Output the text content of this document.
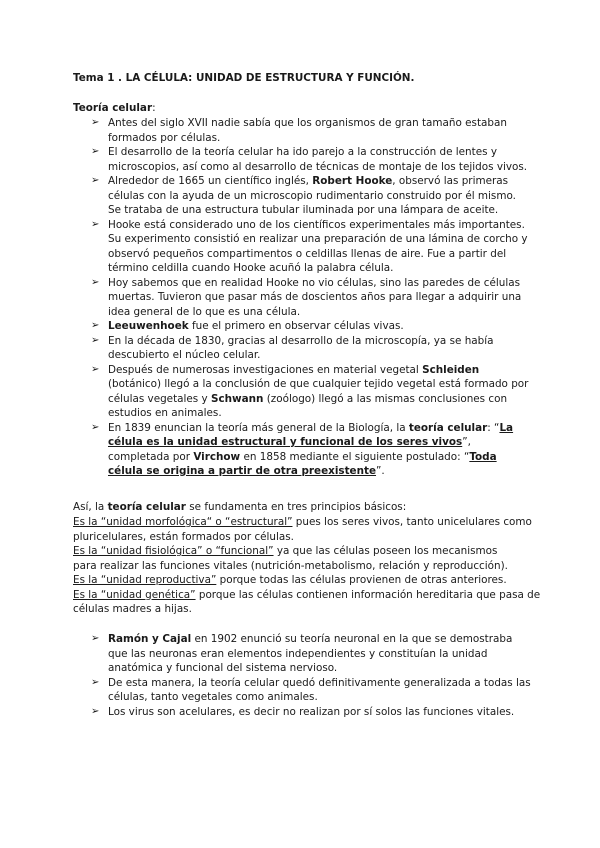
Tema 1 . LA CÉLULA: UNIDAD DE ESTRUCTURA Y FUNCIÓN.
Teoría celular:
➢ Antes del siglo XVII nadie sabía que los organismos de gran tamaño estaban formados por células.
➢ El desarrollo de la teoría celular ha ido parejo a la construcción de lentes y microscopios, así como al desarrollo de técnicas de montaje de los tejidos vivos.
➢ Alrededor de 1665 un científico inglés, Robert Hooke, observó las primeras células con la ayuda de un microscopio rudimentario construido por él mismo. Se trataba de una estructura tubular iluminada por una lámpara de aceite.
➢ Hooke está considerado uno de los científicos experimentales más importantes. Su experimento consistió en realizar una preparación de una lámina de corcho y observó pequeños compartimentos o celdillas llenas de aire. Fue a partir del término celdilla cuando Hooke acuñó la palabra célula.
➢ Hoy sabemos que en realidad Hooke no vio células, sino las paredes de células muertas. Tuvieron que pasar más de doscientos años para llegar a adquirir una idea general de lo que es una célula.
➢ Leeuwenhoek fue el primero en observar células vivas.
➢ En la década de 1830, gracias al desarrollo de la microscopía, ya se había descubierto el núcleo celular.
➢ Después de numerosas investigaciones en material vegetal Schleiden (botánico) llegó a la conclusión de que cualquier tejido vegetal está formado por células vegetales y Schwann (zoólogo) llegó a las mismas conclusiones con estudios en animales.
➢ En 1839 enuncian la teoría más general de la Biología, la teoría celular: “La célula es la unidad estructural y funcional de los seres vivos”, completada por Virchow en 1858 mediante el siguiente postulado: “Toda célula se origina a partir de otra preexistente”.
Así, la teoría celular se fundamenta en tres principios básicos:
Es la “unidad morfológica“ o “estructural” pues los seres vivos, tanto unicelulares como pluricelulares, están formados por células.
Es la “unidad fisiológica” o “funcional” ya que las células poseen los mecanismos
para realizar las funciones vitales (nutrición-metabolismo, relación y reproducción).
Es la “unidad reproductiva” porque todas las células provienen de otras anteriores.
Es la “unidad genética” porque las células contienen información hereditaria que pasa de células madres a hijas.
➢ Ramón y Cajal en 1902 enunció su teoría neuronal en la que se demostraba que las neuronas eran elementos independientes y constituían la unidad anatómica y funcional del sistema nervioso.
➢ De esta manera, la teoría celular quedó definitivamente generalizada a todas las células, tanto vegetales como animales.
➢ Los virus son acelulares, es decir no realizan por sí solos las funciones vitales.
